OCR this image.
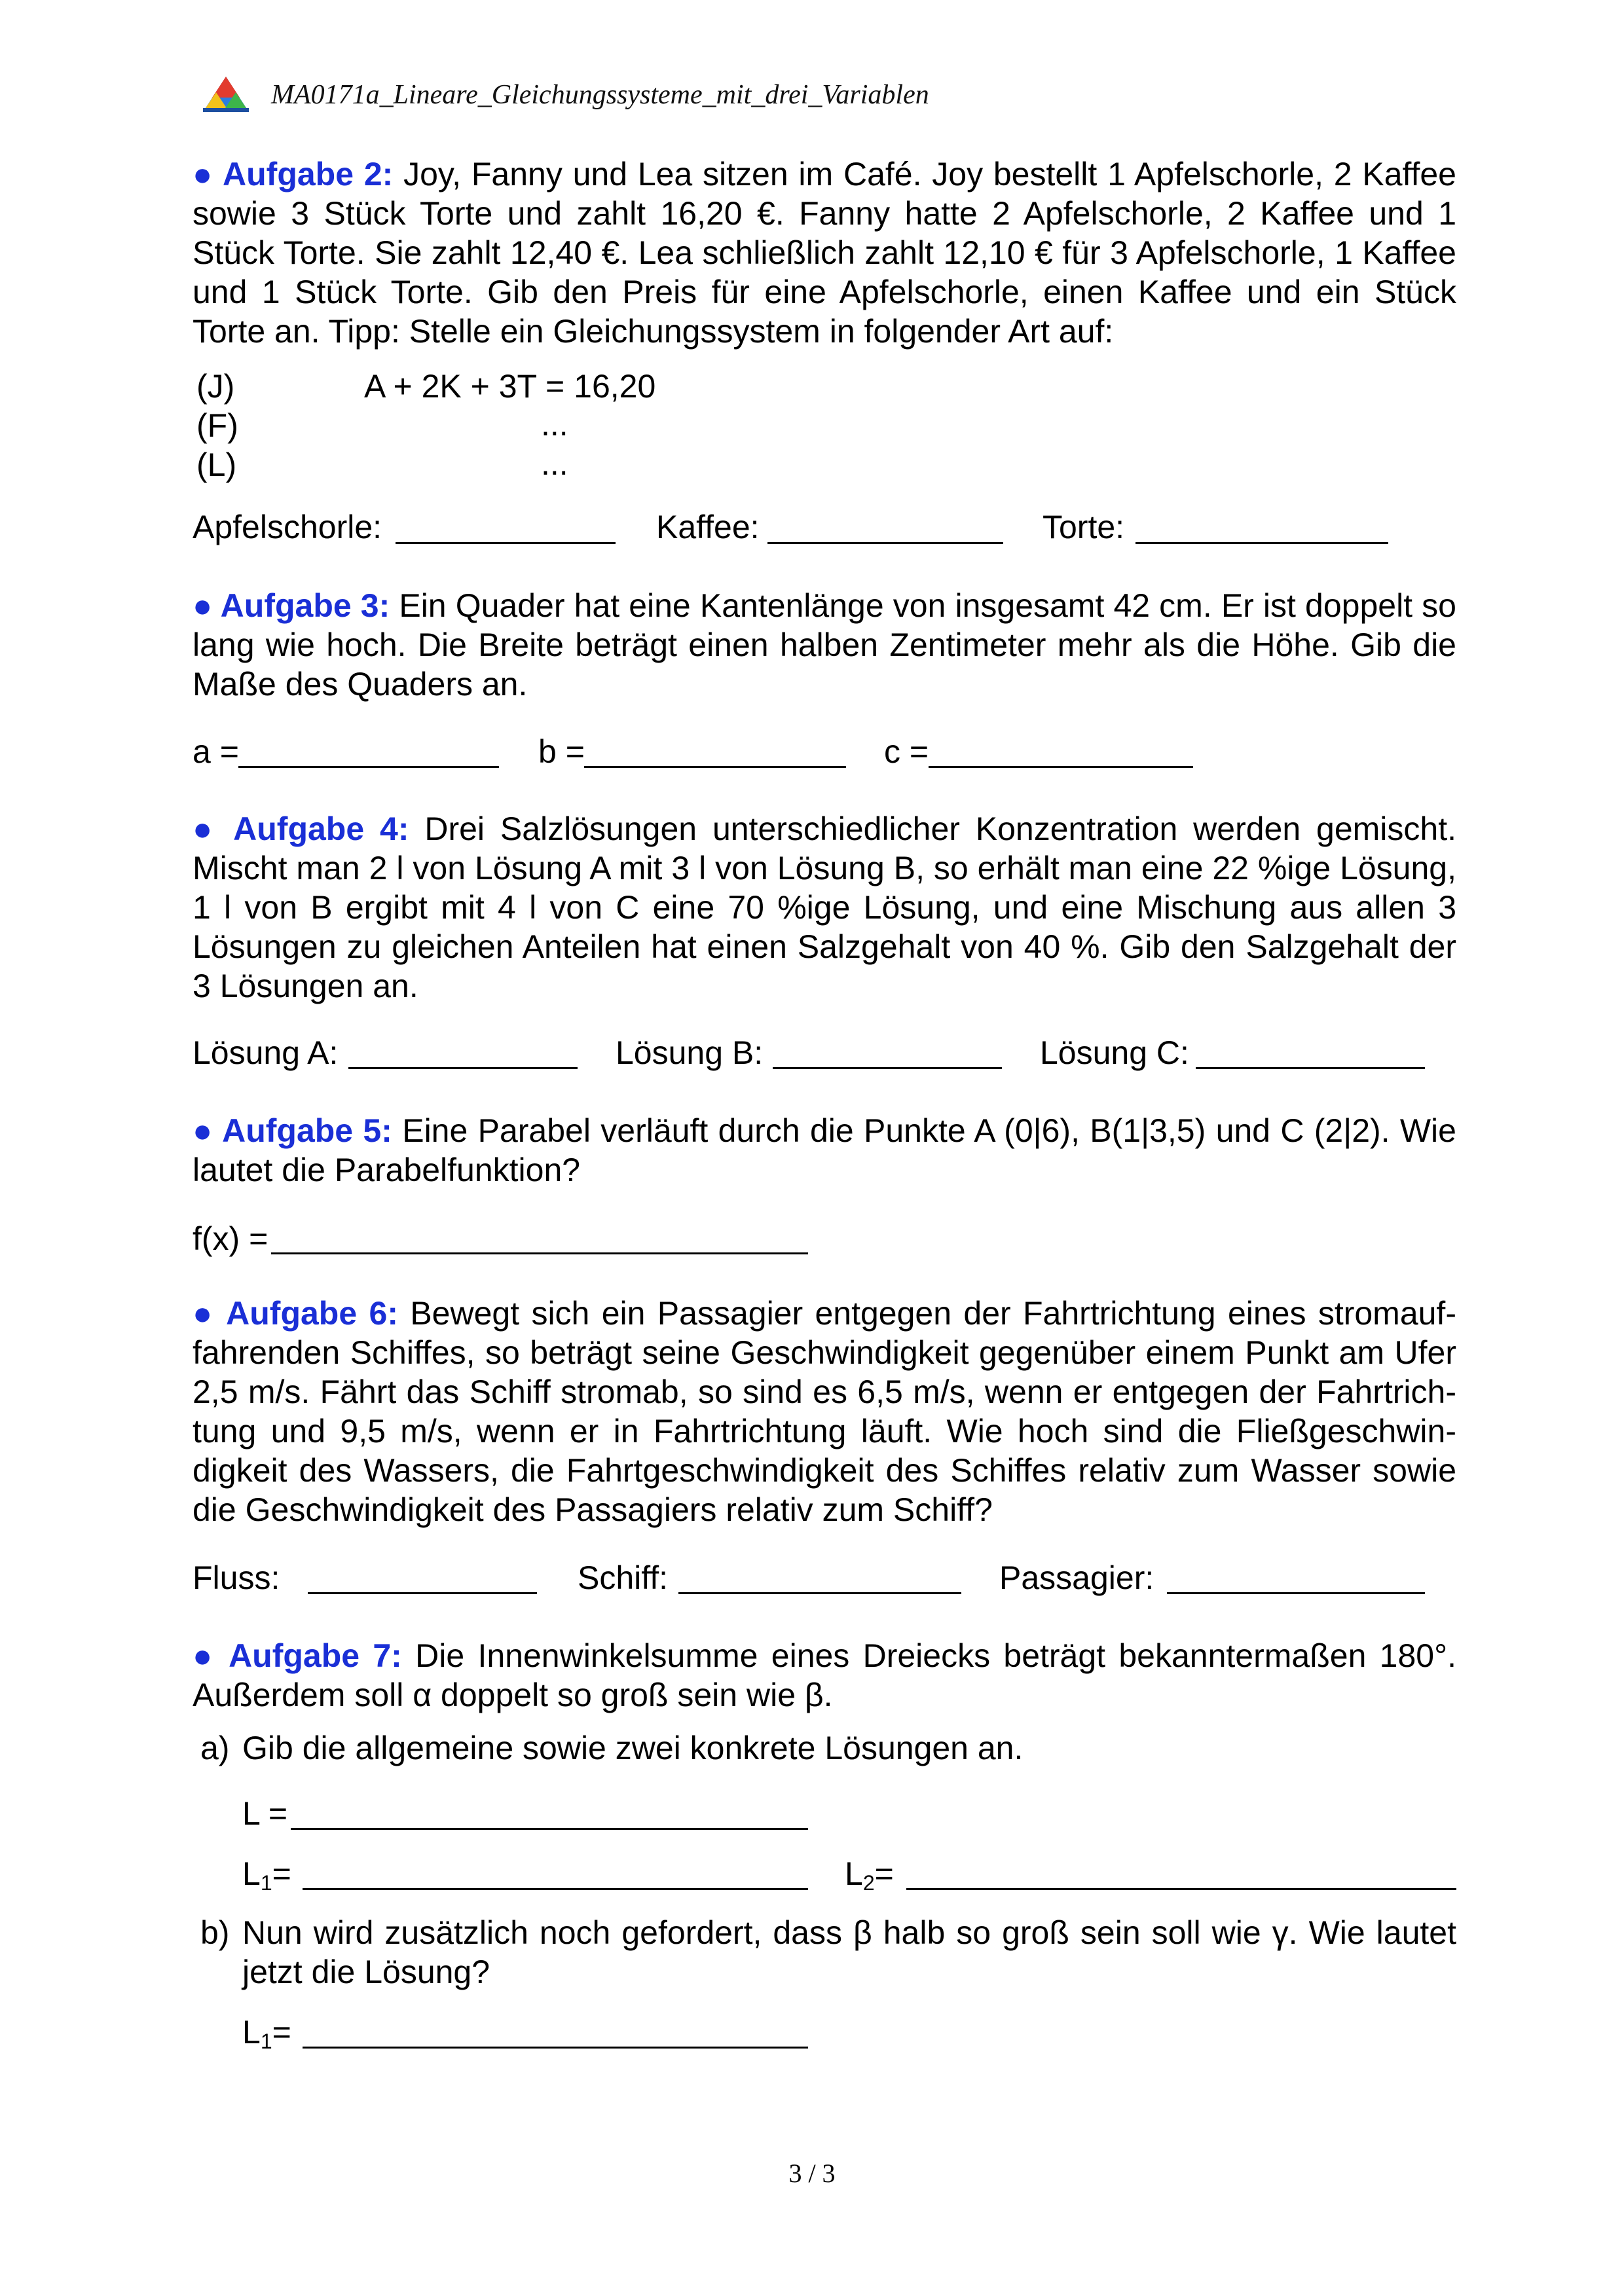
MA0171a_Lineare_Gleichungssysteme_mit_drei_Variablen
● Aufgabe 2: Joy, Fanny und Lea sitzen im Café. Joy bestellt 1 Apfelschorle, 2 Kaffee sowie 3 Stück Torte und zahlt 16,20 €. Fanny hatte 2 Apfelschorle, 2 Kaffee und 1 Stück Torte. Sie zahlt 12,40 €. Lea schließlich zahlt 12,10 € für 3 Apfelschorle, 1 Kaffee und 1 Stück Torte. Gib den Preis für eine Apfelschorle, einen Kaffee und ein Stück Torte an. Tipp: Stelle ein Gleichungssystem in folgender Art auf:
(J)	A + 2K + 3T = 16,20
(F)	...
(L)	...
Apfelschorle:	Kaffee:	Torte:
● Aufgabe 3: Ein Quader hat eine Kantenlänge von insgesamt 42 cm. Er ist doppelt so lang wie hoch. Die Breite beträgt einen halben Zentimeter mehr als die Höhe. Gib die Maße des Quaders an.
a =	b =	c =
● Aufgabe 4: Drei Salzlösungen unterschiedlicher Konzentration werden gemischt. Mischt man 2 l von Lösung A mit 3 l von Lösung B, so erhält man eine 22 %ige Lösung, 1 l von B ergibt mit 4 l von C eine 70 %ige Lösung, und eine Mischung aus allen 3 Lösungen zu gleichen Anteilen hat einen Salzgehalt von 40 %. Gib den Salzgehalt der 3 Lösungen an.
Lösung A:	Lösung B:	Lösung C:
● Aufgabe 5: Eine Parabel verläuft durch die Punkte A (0|6), B(1|3,5) und C (2|2). Wie lautet die Parabelfunktion?
f(x) =
● Aufgabe 6: Bewegt sich ein Passagier entgegen der Fahrtrichtung eines stromauffahrenden Schiffes, so beträgt seine Geschwindigkeit gegenüber einem Punkt am Ufer 2,5 m/s. Fährt das Schiff stromab, so sind es 6,5 m/s, wenn er entgegen der Fahrtrichtung und 9,5 m/s, wenn er in Fahrtrichtung läuft. Wie hoch sind die Fließgeschwindigkeit des Wassers, die Fahrtgeschwindigkeit des Schiffes relativ zum Wasser sowie die Geschwindigkeit des Passagiers relativ zum Schiff?
Fluss:	Schiff:	Passagier:
● Aufgabe 7: Die Innenwinkelsumme eines Dreiecks beträgt bekanntermaßen 180°. Außerdem soll α doppelt so groß sein wie β.
a) Gib die allgemeine sowie zwei konkrete Lösungen an.
L =
$L_1=$	$L_2=$
b) Nun wird zusätzlich noch gefordert, dass β halb so groß sein soll wie γ. Wie lautet jetzt die Lösung?
$L_1=$
3 / 3
